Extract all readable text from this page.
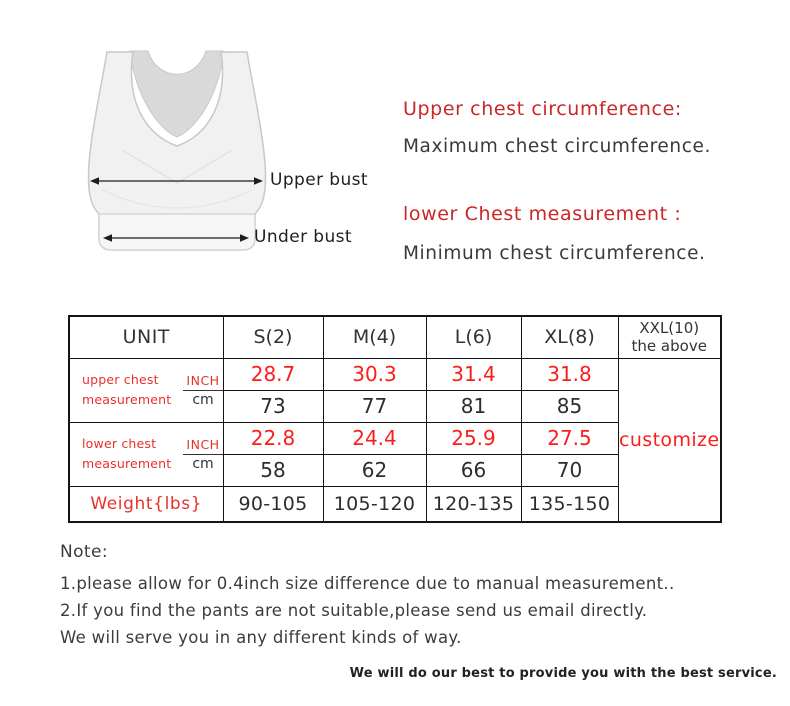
Upper bust
Under bust
Upper chest circumference:
Maximum chest circumference.
lower Chest measurement :
Minimum chest circumference.
UNIT	S(2)	M(4)	L(6)	XL(8)	XXL(10)
the above

upper chest
measurement $\frac{\text{INCH}}{cm}$	28.7	30.3	31.4	31.8	customize
	73	77	81	85	

lower chest
measurement $\frac{\text{INCH}}{cm}$	22.8	24.4	25.9	27.5	
	58	62	66	70	
Weight{lbs}	90-105	105-120	120-135	135-150	
Note:
1.please allow for 0.4inch size difference due to manual measurement..
2.If you find the pants are not suitable,please send us email directly.
We will serve you in any different kinds of way.
We will do our best to provide you with the best service.
